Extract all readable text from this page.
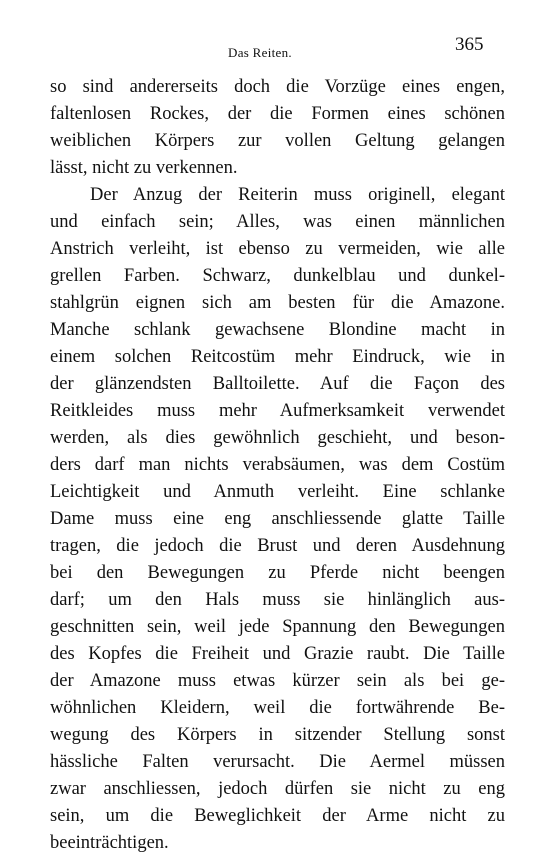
Das Reiten.	365
so sind andererseits doch die Vorzüge eines engen,
faltenlosen Rockes, der die Formen eines schönen
weiblichen Körpers zur vollen Geltung gelangen
lässt, nicht zu verkennen.
Der Anzug der Reiterin muss originell, elegant
und einfach sein; Alles, was einen männlichen
Anstrich verleiht, ist ebenso zu vermeiden, wie alle
grellen Farben. Schwarz, dunkelblau und dunkel-
stahlgrün eignen sich am besten für die Amazone.
Manche schlank gewachsene Blondine macht in
einem solchen Reitcostüm mehr Eindruck, wie in
der glänzendsten Balltoilette. Auf die Façon des
Reitkleides muss mehr Aufmerksamkeit verwendet
werden, als dies gewöhnlich geschieht, und beson-
ders darf man nichts verabsäumen, was dem Costüm
Leichtigkeit und Anmuth verleiht. Eine schlanke
Dame muss eine eng anschliessende glatte Taille
tragen, die jedoch die Brust und deren Ausdehnung
bei den Bewegungen zu Pferde nicht beengen
darf; um den Hals muss sie hinlänglich aus-
geschnitten sein, weil jede Spannung den Bewegungen
des Kopfes die Freiheit und Grazie raubt. Die Taille
der Amazone muss etwas kürzer sein als bei ge-
wöhnlichen Kleidern, weil die fortwährende Be-
wegung des Körpers in sitzender Stellung sonst
hässliche Falten verursacht. Die Aermel müssen
zwar anschliessen, jedoch dürfen sie nicht zu eng
sein, um die Beweglichkeit der Arme nicht zu
beeinträchtigen.
